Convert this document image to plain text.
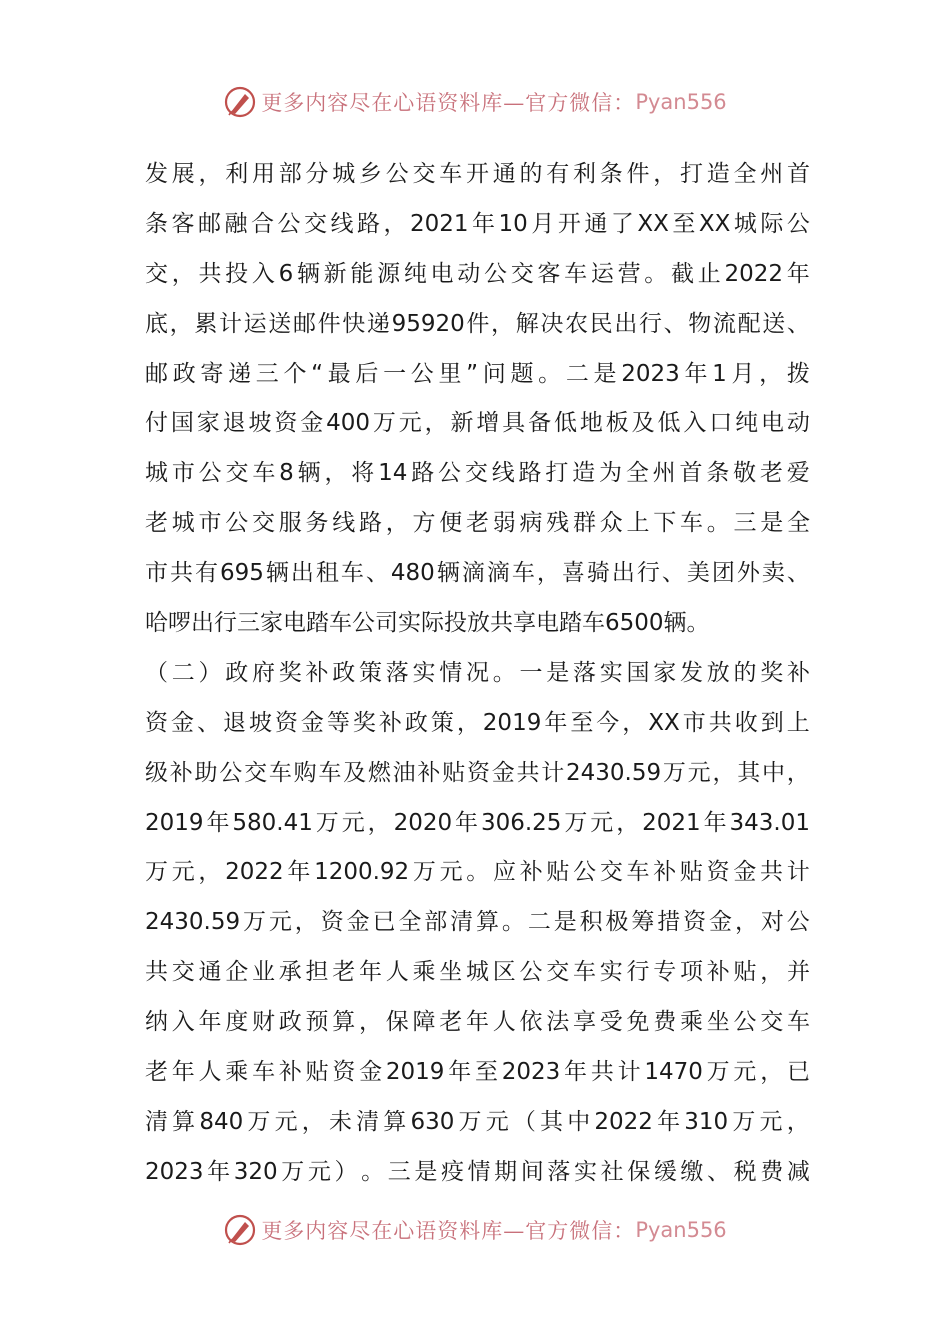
更多内容尽在心语资料库—官方微信： Pyan556
发 展 ， 利 用 部 分 城 乡 公 交 车 开 通 的 有 利 条 件 ， 打 造 全 州 首
条 客 邮 融 合 公 交 线 路 ， 2021 年 10 月 开 通 了 XX 至 XX 城 际 公
交 ， 共 投 入 6 辆 新 能 源 纯 电 动 公 交 客 车 运 营 。 截 止 2022 年
底 ， 累 计 运 送 邮 件 快 递 95920 件 ， 解 决 农 民 出 行 、 物 流 配 送 、
邮 政 寄 递 三 个 “ 最 后 一 公 里 ” 问 题 。 二 是 2023 年 1 月 ， 拨
付 国 家 退 坡 资 金 400 万 元 ， 新 增 具 备 低 地 板 及 低 入 口 纯 电 动
城 市 公 交 车 8 辆 ， 将 14 路 公 交 线 路 打 造 为 全 州 首 条 敬 老 爱
老 城 市 公 交 服 务 线 路 ， 方 便 老 弱 病 残 群 众 上 下 车 。 三 是 全
市 共 有 695 辆 出 租 车 、 480 辆 滴 滴 车 ， 喜 骑 出 行 、 美 团 外 卖 、
哈啰出行三家电踏车公司实际投放共享电踏车6500辆。
（ 二 ） 政 府 奖 补 政 策 落 实 情 况 。 一 是 落 实 国 家 发 放 的 奖 补
资 金 、 退 坡 资 金 等 奖 补 政 策 ， 2019 年 至 今 ， XX 市 共 收 到 上
级 补 助 公 交 车 购 车 及 燃 油 补 贴 资 金 共 计 2430.59 万 元 ， 其 中 ，
2019 年 580.41 万 元 ， 2020 年 306.25 万 元 ， 2021 年 343.01
万 元 ， 2022 年 1200.92 万 元 。 应 补 贴 公 交 车 补 贴 资 金 共 计
2430.59 万 元 ， 资 金 已 全 部 清 算 。 二 是 积 极 筹 措 资 金 ， 对 公
共 交 通 企 业 承 担 老 年 人 乘 坐 城 区 公 交 车 实 行 专 项 补 贴 ， 并
纳 入 年 度 财 政 预 算 ， 保 障 老 年 人 依 法 享 受 免 费 乘 坐 公 交 车
老 年 人 乘 车 补 贴 资 金 2019 年 至 2023 年 共 计 1470 万 元 ， 已
清 算 840 万 元 ， 未 清 算 630 万 元 （ 其 中 2022 年 310 万 元 ，
2023 年 320 万 元 ） 。 三 是 疫 情 期 间 落 实 社 保 缓 缴 、 税 费 减
更多内容尽在心语资料库—官方微信： Pyan556
